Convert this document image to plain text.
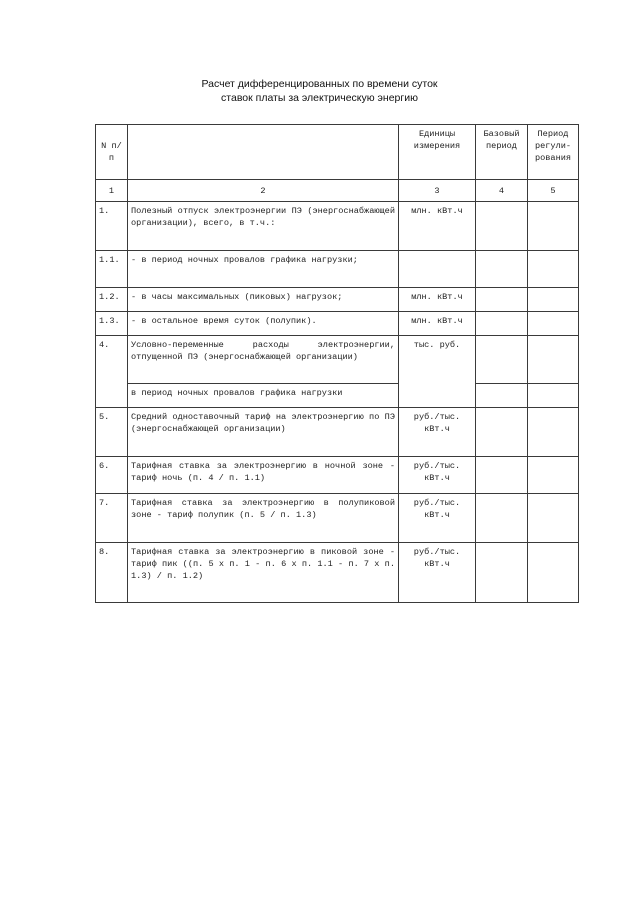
Расчет дифференцированных по времени суток
ставок платы за электрическую энергию
N п/п		Единицы измерения	Базовый период	Период регули-рования
1	2	3	4	5
1.	Полезный отпуск электроэнергии ПЭ (энергоснабжающей организации), всего, в т.ч.:	млн. кВт.ч		
1.1.	- в период ночных провалов графика нагрузки;			
1.2.	- в часы максимальных (пиковых) нагрузок;	млн. кВт.ч		
1.3.	- в остальное время суток (полупик).	млн. кВт.ч		
4.	Условно-переменные расходы электроэнергии, отпущенной ПЭ (энергоснабжающей организации)	тыс. руб.		
	в период ночных провалов графика нагрузки			
5.	Средний одноставочный тариф на электроэнергию по ПЭ (энергоснабжающей организации)	руб./тыс. кВт.ч		
6.	Тарифная ставка за электроэнергию в ночной зоне - тариф ночь (п. 4 / п. 1.1)	руб./тыс. кВт.ч		
7.	Тарифная ставка за электроэнергию в полупиковой зоне - тариф полупик (п. 5 / п. 1.3)	руб./тыс. кВт.ч		
8.	Тарифная ставка за электроэнергию в пиковой зоне - тариф пик ((п. 5 x п. 1 - п. 6 x п. 1.1 - п. 7 x п. 1.3) / п. 1.2)	руб./тыс. кВт.ч		
